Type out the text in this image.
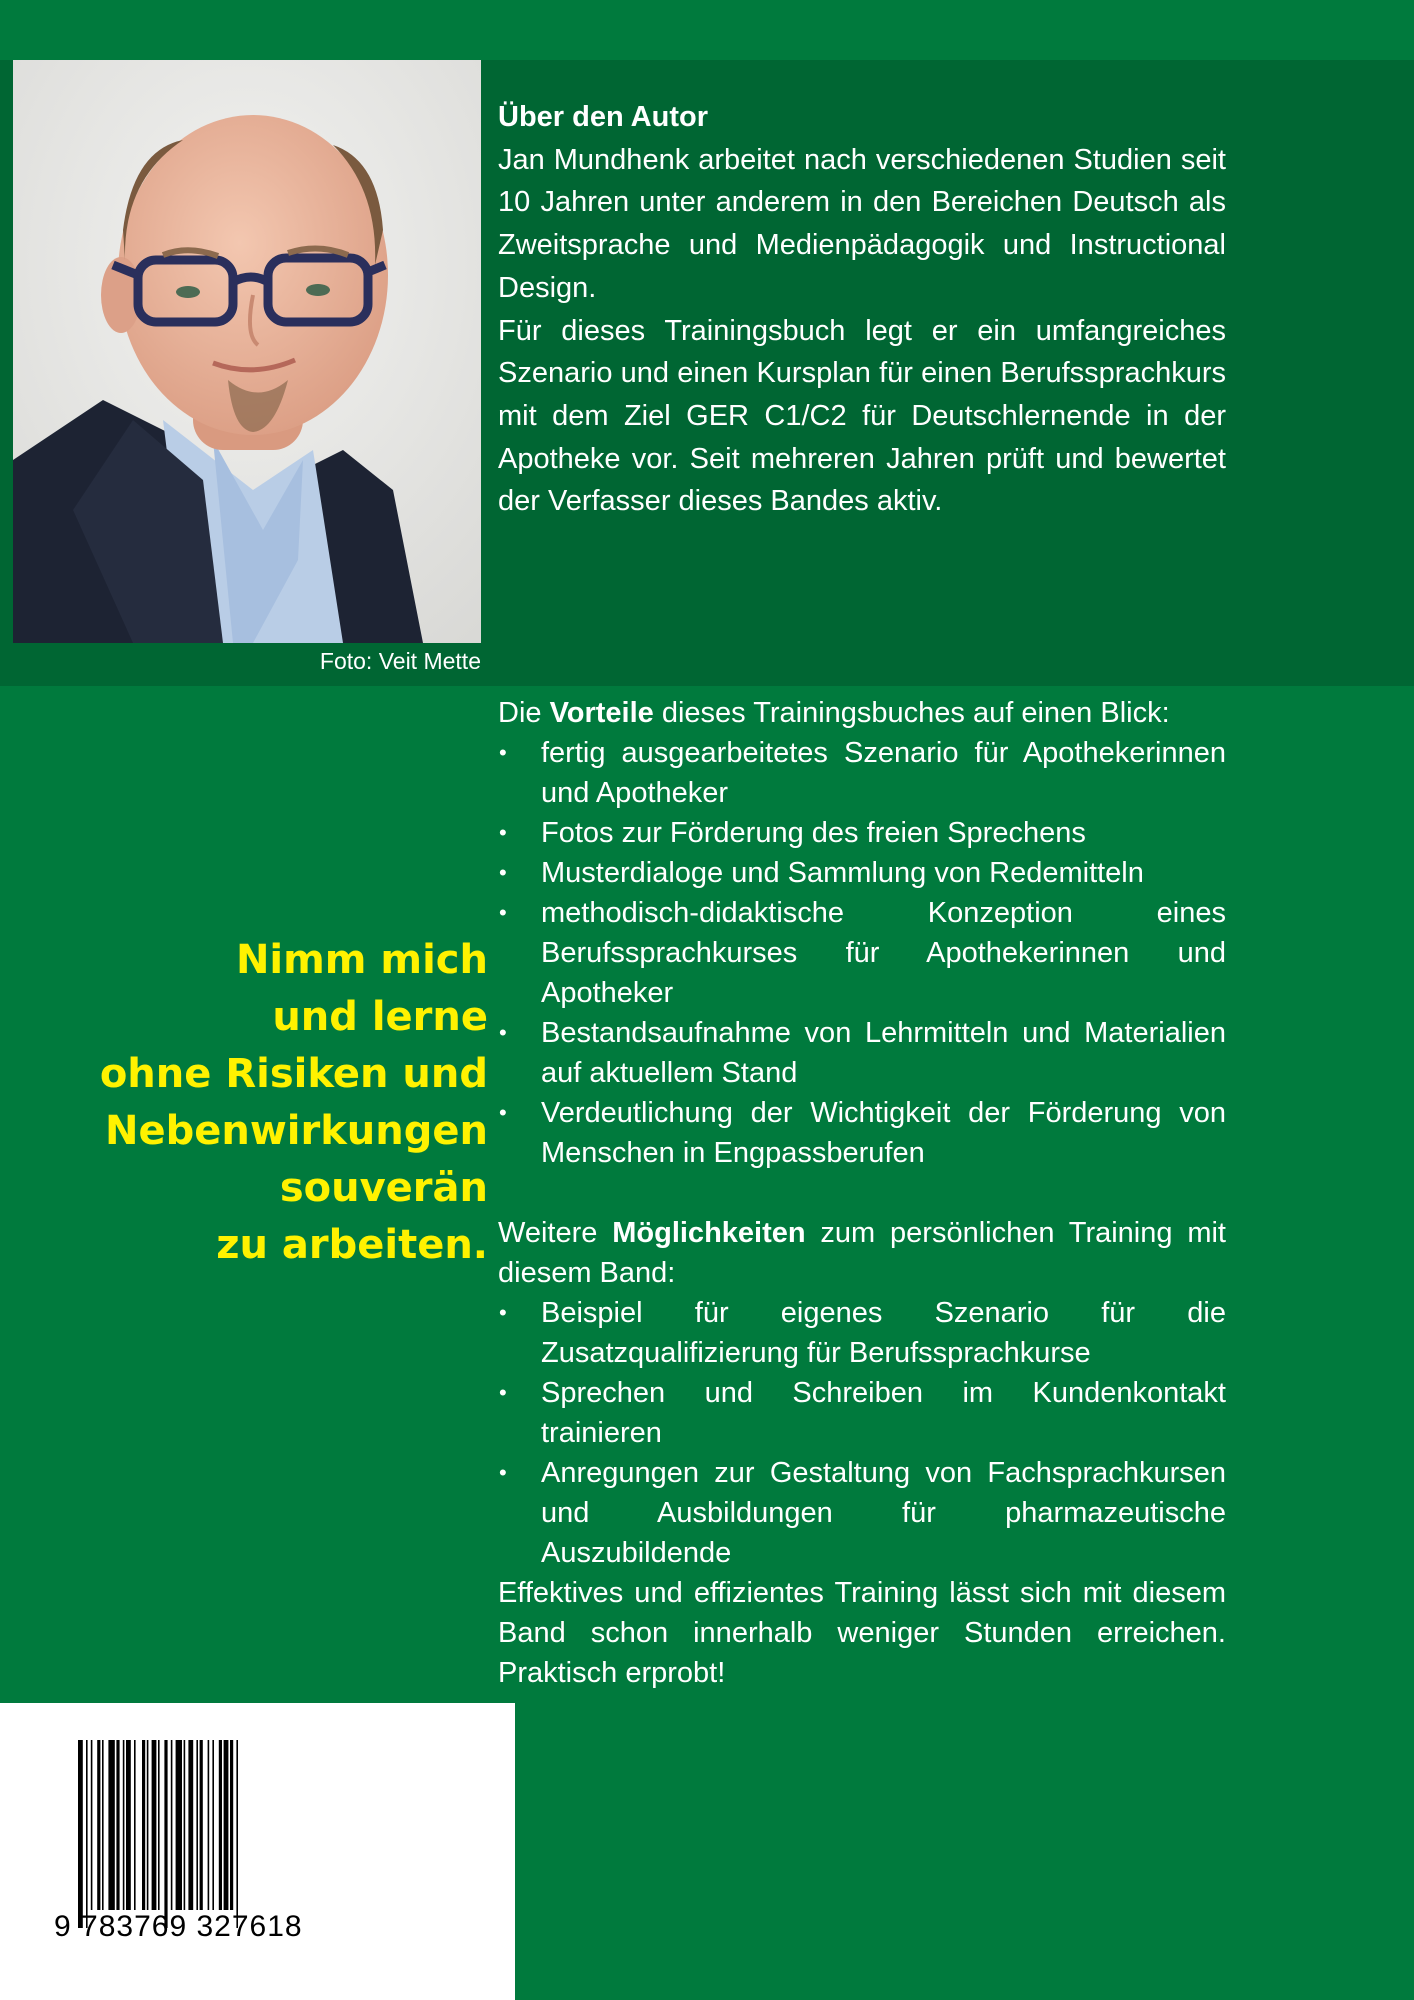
Foto: Veit Mette

Über den Autor

Jan Mundhenk arbeitet nach verschiedenen Studien seit 10 Jahren unter anderem in den Bereichen Deutsch als Zweitsprache und Medienpädagogik und Instructional Design.

Für dieses Trainingsbuch legt er ein umfangreiches Szenario und einen Kursplan für einen Berufssprachkurs mit dem Ziel GER C1/C2 für Deutschlernende in der Apotheke vor. Seit mehreren Jahren prüft und bewertet der Verfasser dieses Bandes aktiv.

Nimm mich
und lerne
ohne Risiken und
Nebenwirkungen
souverän
zu arbeiten.

Die Vorteile dieses Trainingsbuches auf einen Blick:

• fertig ausgearbeitetes Szenario für Apothekerinnen und Apotheker
• Fotos zur Förderung des freien Sprechens
• Musterdialoge und Sammlung von Redemitteln
• methodisch-didaktische Konzeption eines Berufssprachkurses für Apothekerinnen und Apotheker
• Bestandsaufnahme von Lehrmitteln und Materialien auf aktuellem Stand
• Verdeutlichung der Wichtigkeit der Förderung von Menschen in Engpassberufen

Weitere Möglichkeiten zum persönlichen Training mit diesem Band:

• Beispiel für eigenes Szenario für die Zusatzqualifizierung für Berufssprachkurse
• Sprechen und Schreiben im Kundenkontakt trainieren
• Anregungen zur Gestaltung von Fachsprachkursen und Ausbildungen für pharmazeutische Auszubildende

Effektives und effizientes Training lässt sich mit diesem Band schon innerhalb weniger Stunden erreichen. Praktisch erprobt!

9 783769 327618
